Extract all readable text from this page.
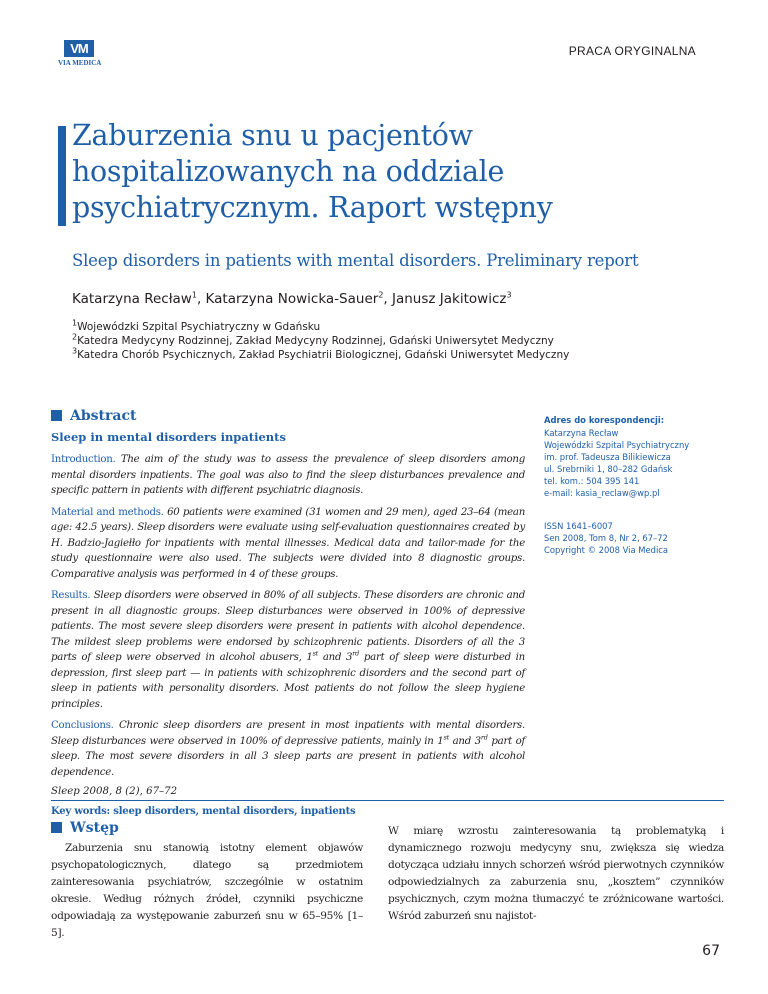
VM
VIA MEDICA
PRACA ORYGINALNA
Zaburzenia snu u pacjentów
hospitalizowanych na oddziale
psychiatrycznym. Raport wstępny
Sleep disorders in patients with mental disorders. Preliminary report
Katarzyna Recław$^1$, Katarzyna Nowicka-Sauer$^2$, Janusz Jakitowicz$^3$
$^1$Wojewódzki Szpital Psychiatryczny w Gdańsku
$^2$Katedra Medycyny Rodzinnej, Zakład Medycyny Rodzinnej, Gdański Uniwersytet Medyczny
$^3$Katedra Chorób Psychicznych, Zakład Psychiatrii Biologicznej, Gdański Uniwersytet Medyczny
Abstract
Sleep in mental disorders inpatients

Introduction. The aim of the study was to assess the prevalence of sleep disorders among mental disorders inpatients. The goal was also to find the sleep disturbances prevalence and specific pattern in patients with different psychiatric diagnosis.

Material and methods. 60 patients were examined (31 women and 29 men), aged 23–64 (mean age: 42.5 years). Sleep disorders were evaluate using self-evaluation questionnaires created by H. Badzio-Jagiełło for inpatients with mental illnesses. Medical data and tailor-made for the study questionnaire were also used. The subjects were divided into 8 diagnostic groups. Comparative analysis was performed in 4 of these groups.

Results. Sleep disorders were observed in 80% of all subjects. These disorders are chronic and present in all diagnostic groups. Sleep disturbances were observed in 100% of depressive patients. The most severe sleep disorders were present in patients with alcohol dependence. The mildest sleep problems were endorsed by schizophrenic patients. Disorders of all the 3 parts of sleep were observed in alcohol abusers, 1st and 3rd part of sleep were disturbed in depression, first sleep part — in patients with schizophrenic disorders and the second part of sleep in patients with personality disorders. Most patients do not follow the sleep hygiene principles.

Conclusions. Chronic sleep disorders are present in most inpatients with mental disorders. Sleep disturbances were observed in 100% of depressive patients, mainly in 1st and 3rd part of sleep. The most severe disorders in all 3 sleep parts are present in patients with alcohol dependence.

Sleep 2008, 8 (2), 67–72
Key words: sleep disorders, mental disorders, inpatients
Adres do korespondencji:

Katarzyna Recław

Wojewódzki Szpital Psychiatryczny

im. prof. Tadeusza Bilikiewicza

ul. Srebrniki 1, 80–282 Gdańsk

tel. kom.: 504 395 141

e-mail: kasia_reclaw@wp.pl

ISSN 1641–6007

Sen 2008, Tom 8, Nr 2, 67–72

Copyright © 2008 Via Medica

Wstęp

Zaburzenia snu stanowią istotny element objawów psychopatologicznych, dlatego są przedmiotem zainteresowania psychiatrów, szczególnie w ostatnim okresie. Według różnych źródeł, czynniki psychiczne odpowiadają za występowanie zaburzeń snu w 65–95% [1–5].

W miarę wzrostu zainteresowania tą problematyką i dynamicznego rozwoju medycyny snu, zwiększa się wiedza dotycząca udziału innych schorzeń wśród pierwotnych czynników odpowiedzialnych za zaburzenia snu, „kosztem” czynników psychicznych, czym można tłumaczyć te zróżnicowane wartości. Wśród zaburzeń snu najistot-

67
